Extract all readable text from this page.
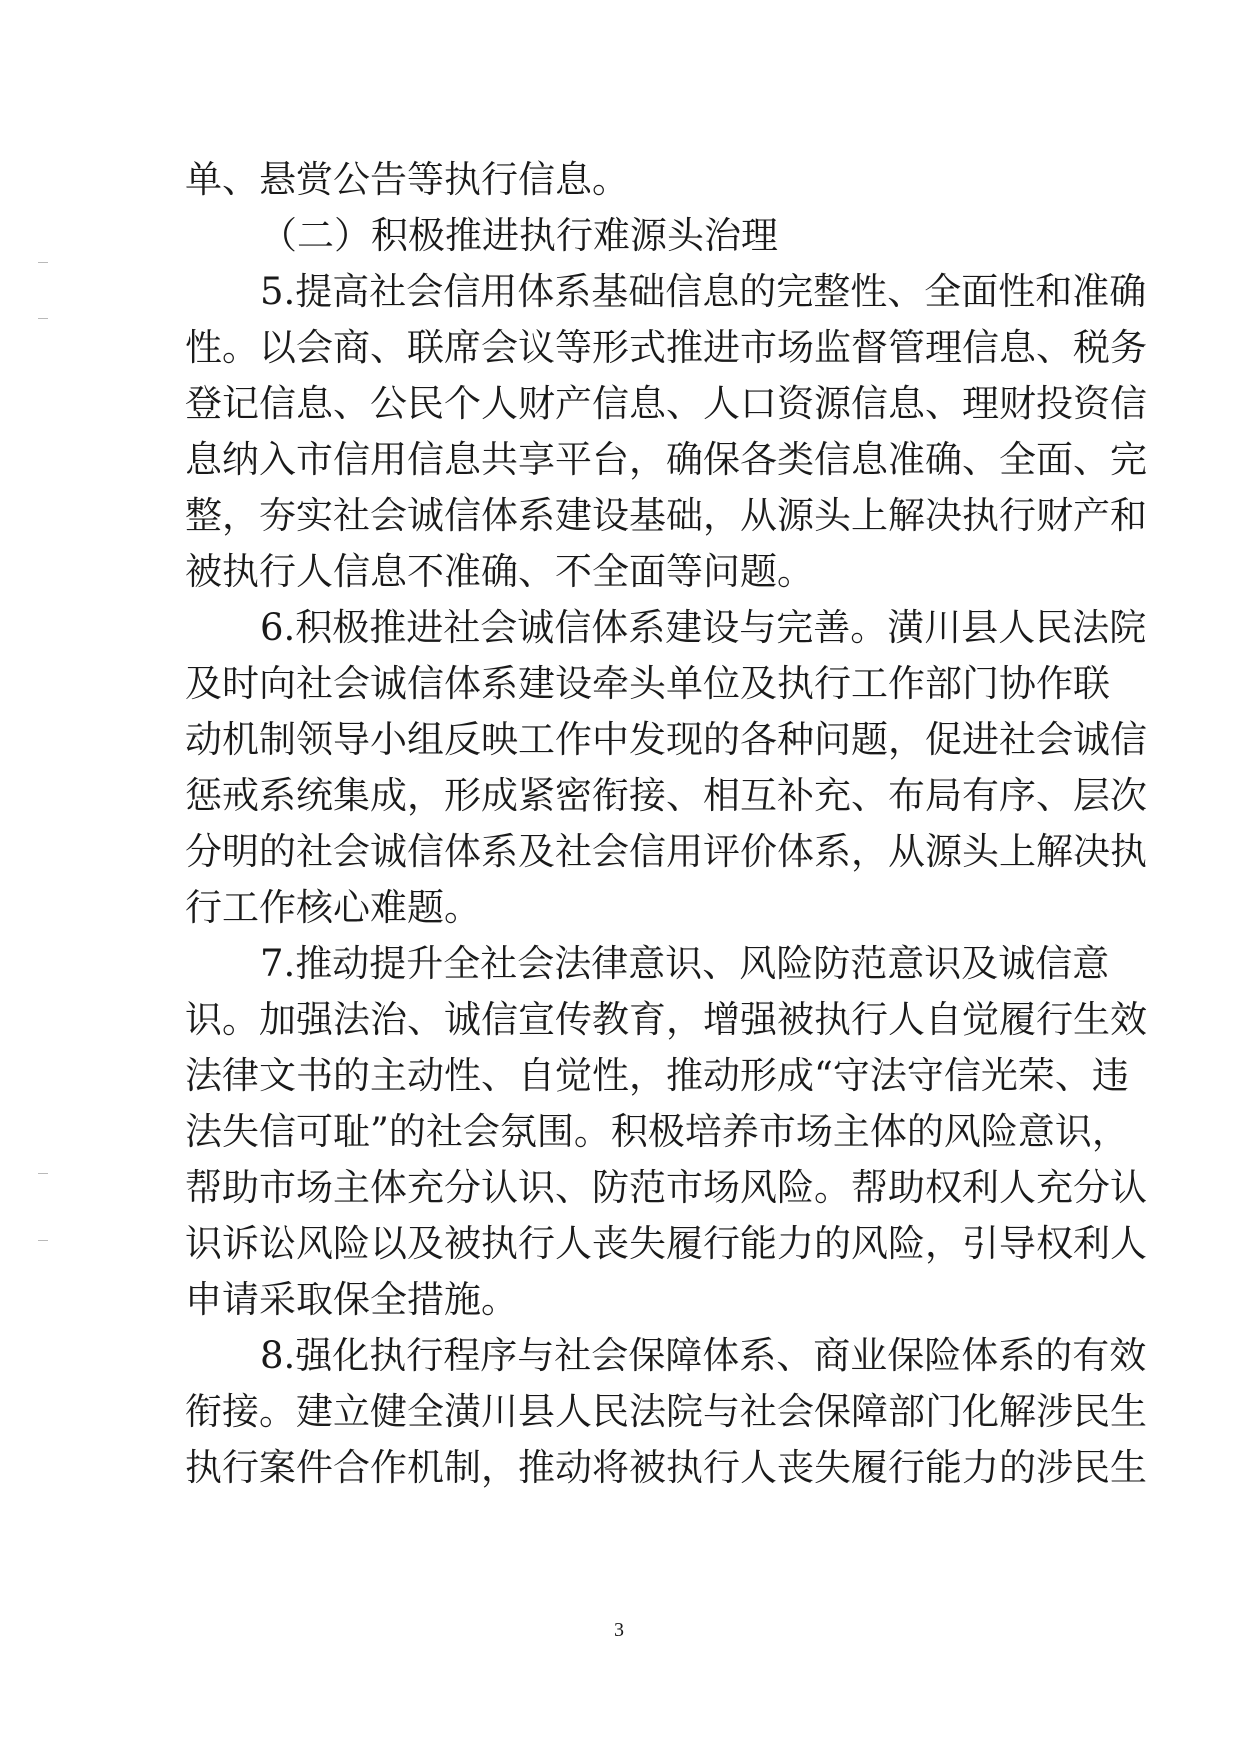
单、悬赏公告等执行信息。
（二）积极推进执行难源头治理
5.提高社会信用体系基础信息的完整性、全面性和准确
性。以会商、联席会议等形式推进市场监督管理信息、税务
登记信息、公民个人财产信息、人口资源信息、理财投资信
息纳入市信用信息共享平台，确保各类信息准确、全面、完
整，夯实社会诚信体系建设基础，从源头上解决执行财产和
被执行人信息不准确、不全面等问题。
6.积极推进社会诚信体系建设与完善。潢川县人民法院
及时向社会诚信体系建设牵头单位及执行工作部门协作联
动机制领导小组反映工作中发现的各种问题，促进社会诚信
惩戒系统集成，形成紧密衔接、相互补充、布局有序、层次
分明的社会诚信体系及社会信用评价体系，从源头上解决执
行工作核心难题。
7.推动提升全社会法律意识、风险防范意识及诚信意
识。加强法治、诚信宣传教育，增强被执行人自觉履行生效
法律文书的主动性、自觉性，推动形成“守法守信光荣、违
法失信可耻”的社会氛围。积极培养市场主体的风险意识，
帮助市场主体充分认识、防范市场风险。帮助权利人充分认
识诉讼风险以及被执行人丧失履行能力的风险，引导权利人
申请采取保全措施。
8.强化执行程序与社会保障体系、商业保险体系的有效
衔接。建立健全潢川县人民法院与社会保障部门化解涉民生
执行案件合作机制，推动将被执行人丧失履行能力的涉民生
3
